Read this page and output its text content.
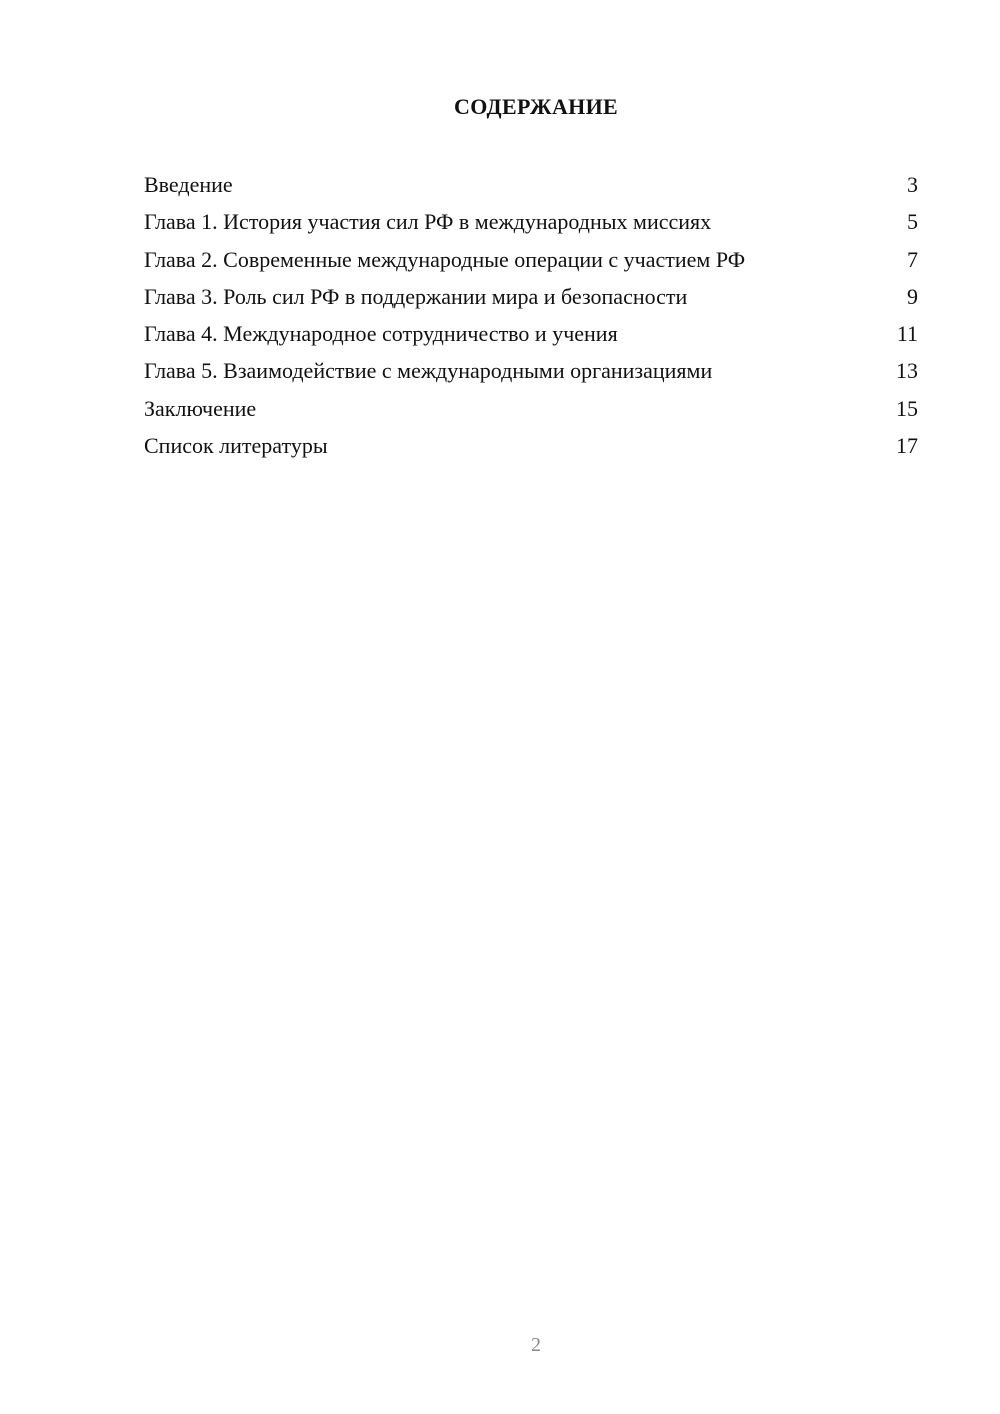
СОДЕРЖАНИЕ
Введение	3
Глава 1. История участия сил РФ в международных миссиях	5
Глава 2. Современные международные операции с участием РФ	7
Глава 3. Роль сил РФ в поддержании мира и безопасности	9
Глава 4. Международное сотрудничество и учения	11
Глава 5. Взаимодействие с международными организациями	13
Заключение	15
Список литературы	17
2
